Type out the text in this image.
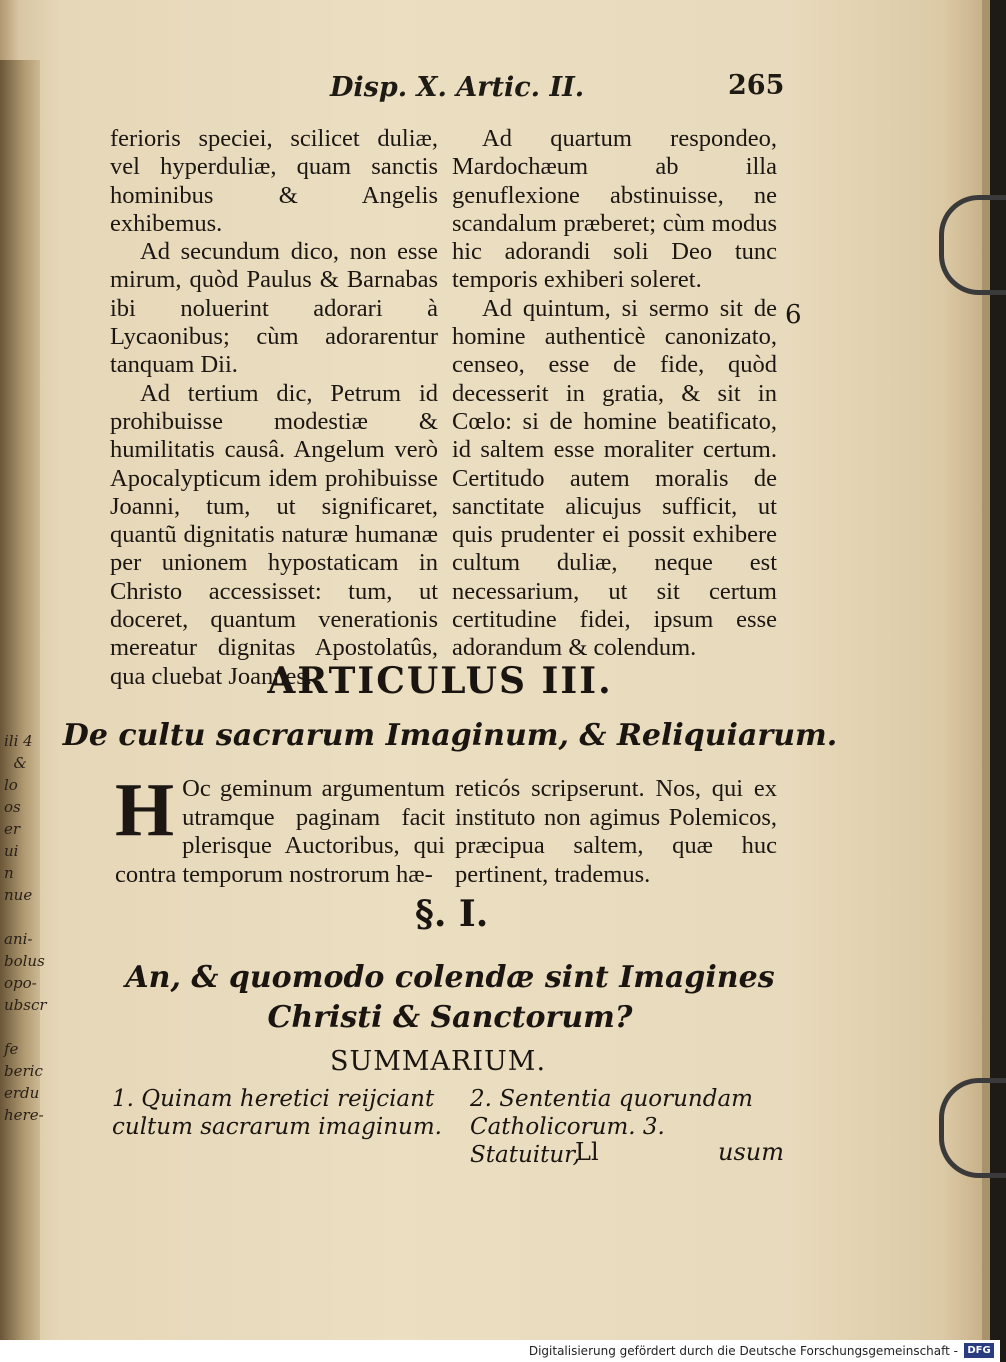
ili 4
&
lo
os
er
ui
n
nue

ani-
bolus
opo-
ubscr

fe
beric
erdu
here-
Disp. X. Artic. II.	265

ferioris speciei, scilicet duliæ, vel hyperduliæ, quam sanctis hominibus & Angelis exhibemus.

Ad secundum dico, non esse mirum, quòd Paulus & Barnabas ibi noluerint adorari à Lycaonibus; cùm adorarentur tanquam Dii.

Ad tertium dic, Petrum id prohibuisse modestiæ & humilitatis causâ. Angelum verò Apocalypticum idem prohibuisse Joanni, tum, ut significaret, quantũ dignitatis naturæ humanæ per unionem hypostaticam in Christo accessisset: tum, ut doceret, quantum venerationis mereatur dignitas Apostolatûs, qua cluebat Joannes.

Ad quartum respondeo, Mardochæum ab illa genuflexione abstinuisse, ne scandalum præberet; cùm modus hic adorandi soli Deo tunc temporis exhiberi soleret.

Ad quintum, si sermo sit de homine authenticè canonizato, censeo, esse de fide, quòd decesserit in gratia, & sit in Cœlo: si de homine beatificato, id saltem esse moraliter certum. Certitudo autem moralis de sanctitate alicujus sufficit, ut quis prudenter ei possit exhibere cultum duliæ, neque est necessarium, ut sit certum certitudine fidei, ipsum esse adorandum & colendum.

6
ARTICULUS III.
De cultu sacrarum Imaginum, & Reliquiarum.
H Oc geminum argumentum utramque paginam facit plerisque Auctoribus, qui contra temporum nostrorum hæ-
reticós scripserunt. Nos, qui ex instituto non agimus Polemicos, præcipua saltem, quæ huc pertinent, trademus.
§. I.
An, & quomodo colendæ sint Imagines Christi & Sanctorum?
SUMMARIUM.
1. Quinam heretici reijciant cultum sacrarum imaginum.
2. Sententia quorundam Catholicorum. 3. Statuitur,
Ll	usum
Digitalisierung gefördert durch die Deutsche Forschungsgemeinschaft - DFG
